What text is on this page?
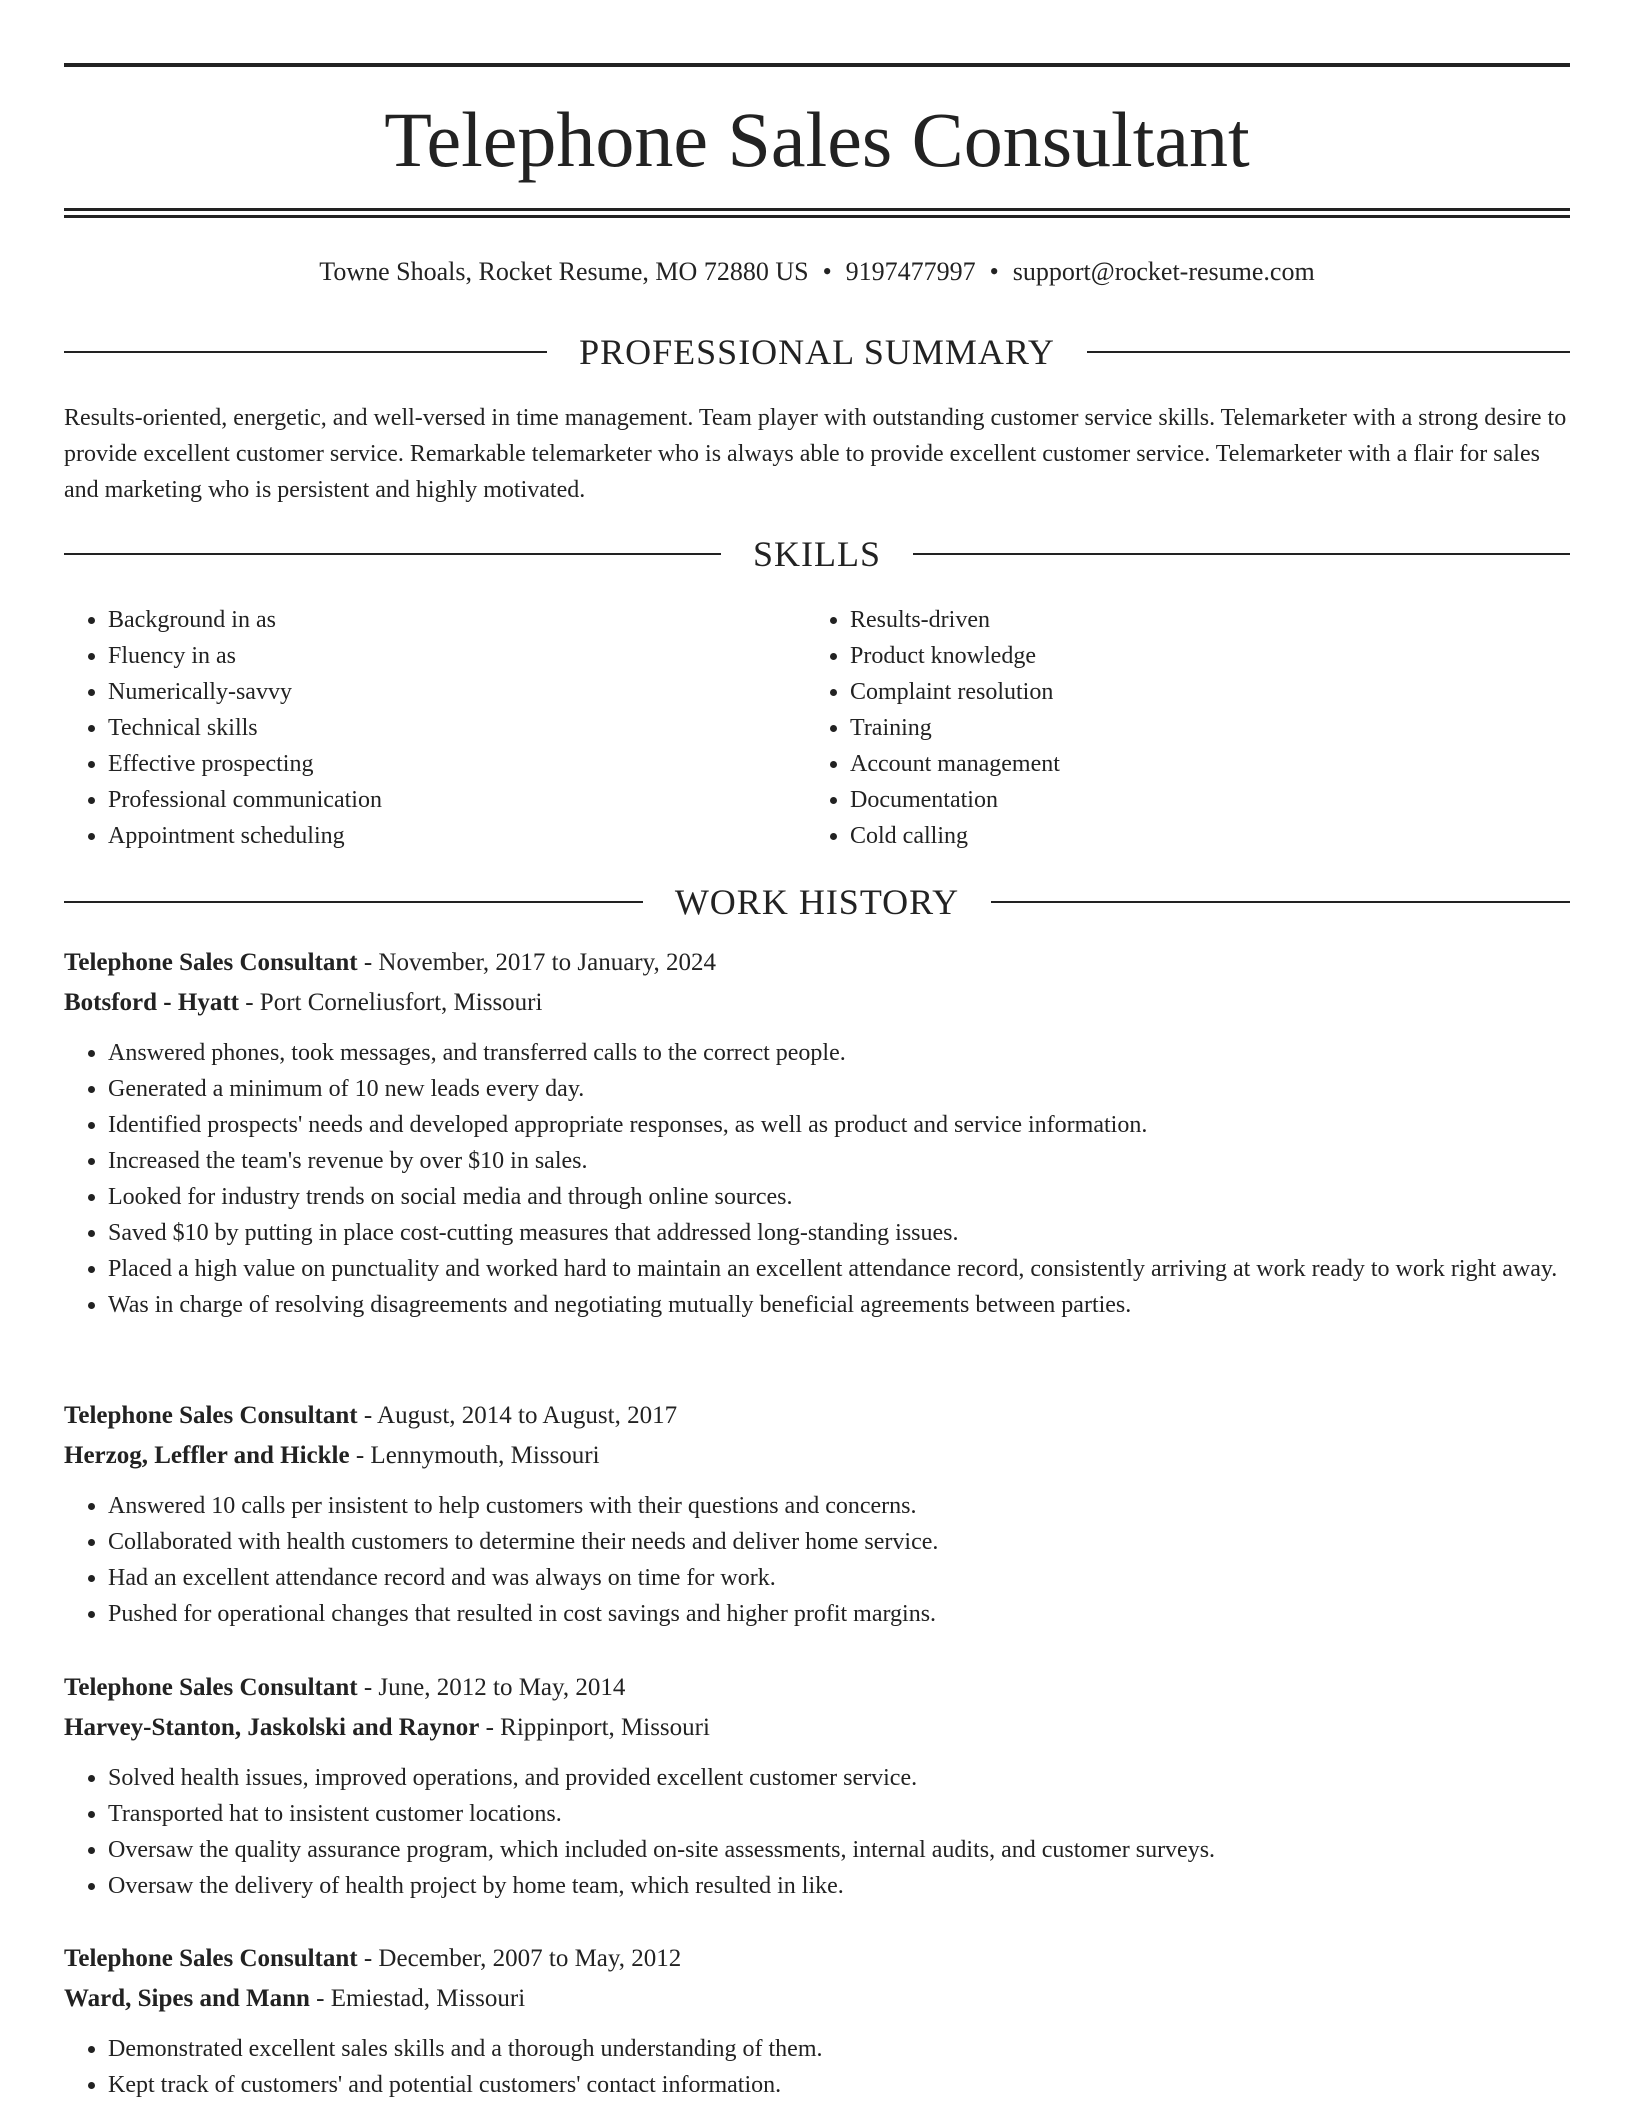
Telephone Sales Consultant
Towne Shoals, Rocket Resume, MO 72880 US • 9197477997 • support@rocket-resume.com
PROFESSIONAL SUMMARY

Results-oriented, energetic, and well-versed in time management. Team player with outstanding customer service skills. Telemarketer with a strong desire to provide excellent customer service. Remarkable telemarketer who is always able to provide excellent customer service. Telemarketer with a flair for sales and marketing who is persistent and highly motivated.

SKILLS
• Background in as
• Fluency in as
• Numerically-savvy
• Technical skills
• Effective prospecting
• Professional communication
• Appointment scheduling
• Results-driven
• Product knowledge
• Complaint resolution
• Training
• Account management
• Documentation
• Cold calling
WORK HISTORY
Telephone Sales Consultant - November, 2017 to January, 2024
Botsford - Hyatt - Port Corneliusfort, Missouri
• Answered phones, took messages, and transferred calls to the correct people.
• Generated a minimum of 10 new leads every day.
• Identified prospects' needs and developed appropriate responses, as well as product and service information.
• Increased the team's revenue by over $10 in sales.
• Looked for industry trends on social media and through online sources.
• Saved $10 by putting in place cost-cutting measures that addressed long-standing issues.
• Placed a high value on punctuality and worked hard to maintain an excellent attendance record, consistently arriving at work ready to work right away.
• Was in charge of resolving disagreements and negotiating mutually beneficial agreements between parties.
Telephone Sales Consultant - August, 2014 to August, 2017
Herzog, Leffler and Hickle - Lennymouth, Missouri
• Answered 10 calls per insistent to help customers with their questions and concerns.
• Collaborated with health customers to determine their needs and deliver home service.
• Had an excellent attendance record and was always on time for work.
• Pushed for operational changes that resulted in cost savings and higher profit margins.
Telephone Sales Consultant - June, 2012 to May, 2014
Harvey-Stanton, Jaskolski and Raynor - Rippinport, Missouri
• Solved health issues, improved operations, and provided excellent customer service.
• Transported hat to insistent customer locations.
• Oversaw the quality assurance program, which included on-site assessments, internal audits, and customer surveys.
• Oversaw the delivery of health project by home team, which resulted in like.
Telephone Sales Consultant - December, 2007 to May, 2012
Ward, Sipes and Mann - Emiestad, Missouri
• Demonstrated excellent sales skills and a thorough understanding of them.
• Kept track of customers' and potential customers' contact information.
